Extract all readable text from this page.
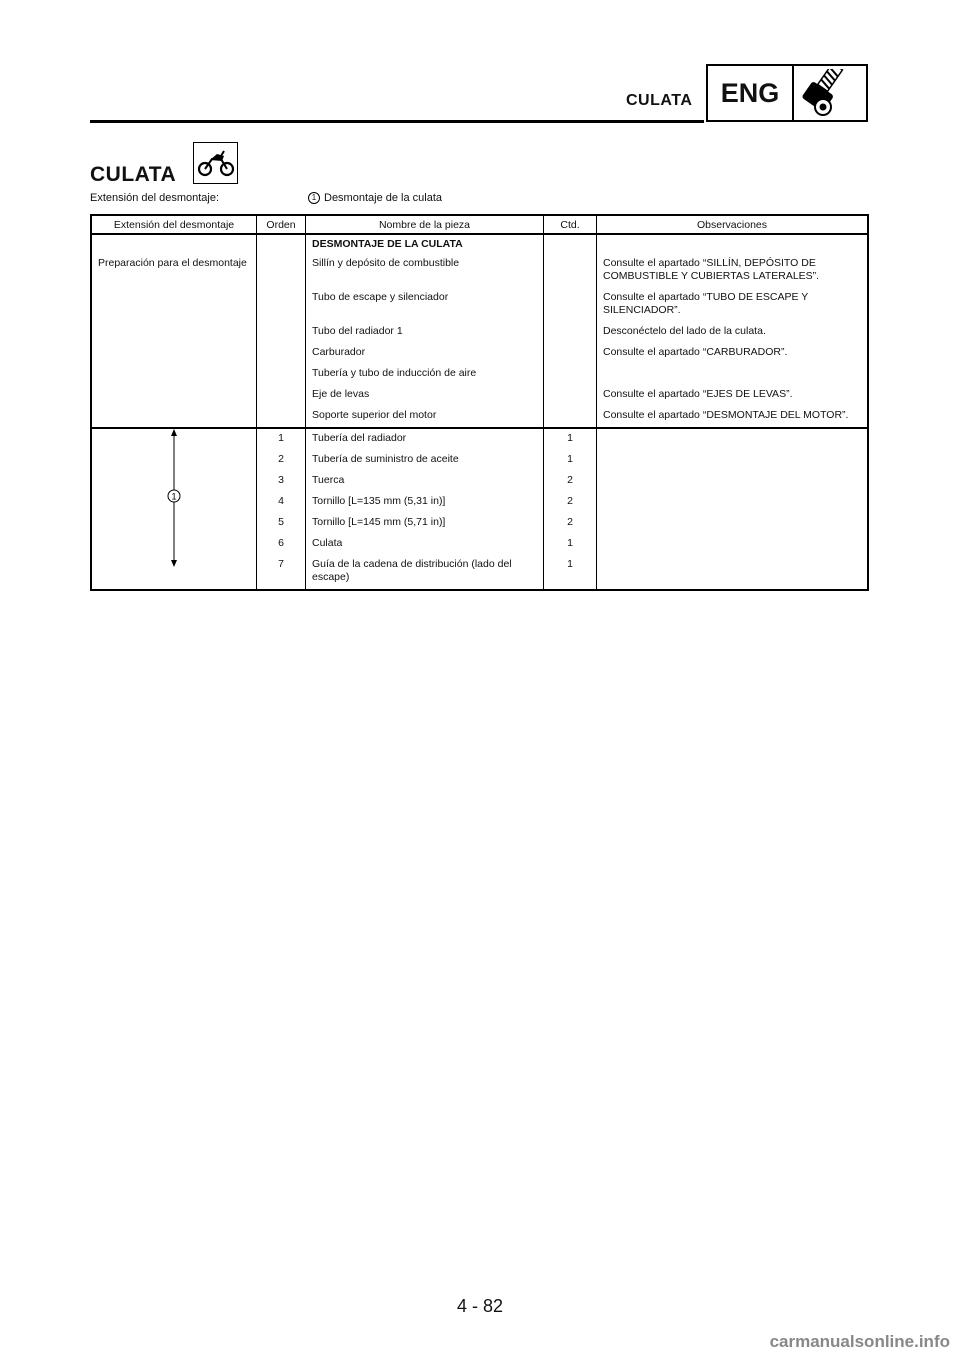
CULATA	ENG
CULATA
Extensión del desmontaje:	1 Desmontaje de la culata
Extensión del desmontaje	Orden	Nombre de la pieza	Ctd.	Observaciones
		DESMONTAJE DE LA CULATA		
Preparación para el desmontaje		Sillín y depósito de combustible		Consulte el apartado “SILLÍN, DEPÓSITO DE COMBUSTIBLE Y CUBIERTAS LATERALES”.
		Tubo de escape y silenciador		Consulte el apartado “TUBO DE ESCAPE Y SILENCIADOR”.
		Tubo del radiador 1		Desconéctelo del lado de la culata.
		Carburador		Consulte el apartado “CARBURADOR”.
		Tubería y tubo de inducción de aire		
		Eje de levas		Consulte el apartado “EJES DE LEVAS”.
		Soporte superior del motor		Consulte el apartado “DESMONTAJE DEL MOTOR”.

1	1	Tubería del radiador	1	
	2	Tubería de suministro de aceite	1	
	3	Tuerca	2	
	4	Tornillo [L=135 mm (5,31 in)]	2	
	5	Tornillo [L=145 mm (5,71 in)]	2	
	6	Culata	1	
	7	Guía de la cadena de distribución (lado del escape)	1	
4 - 82
carmanualsonline.info
